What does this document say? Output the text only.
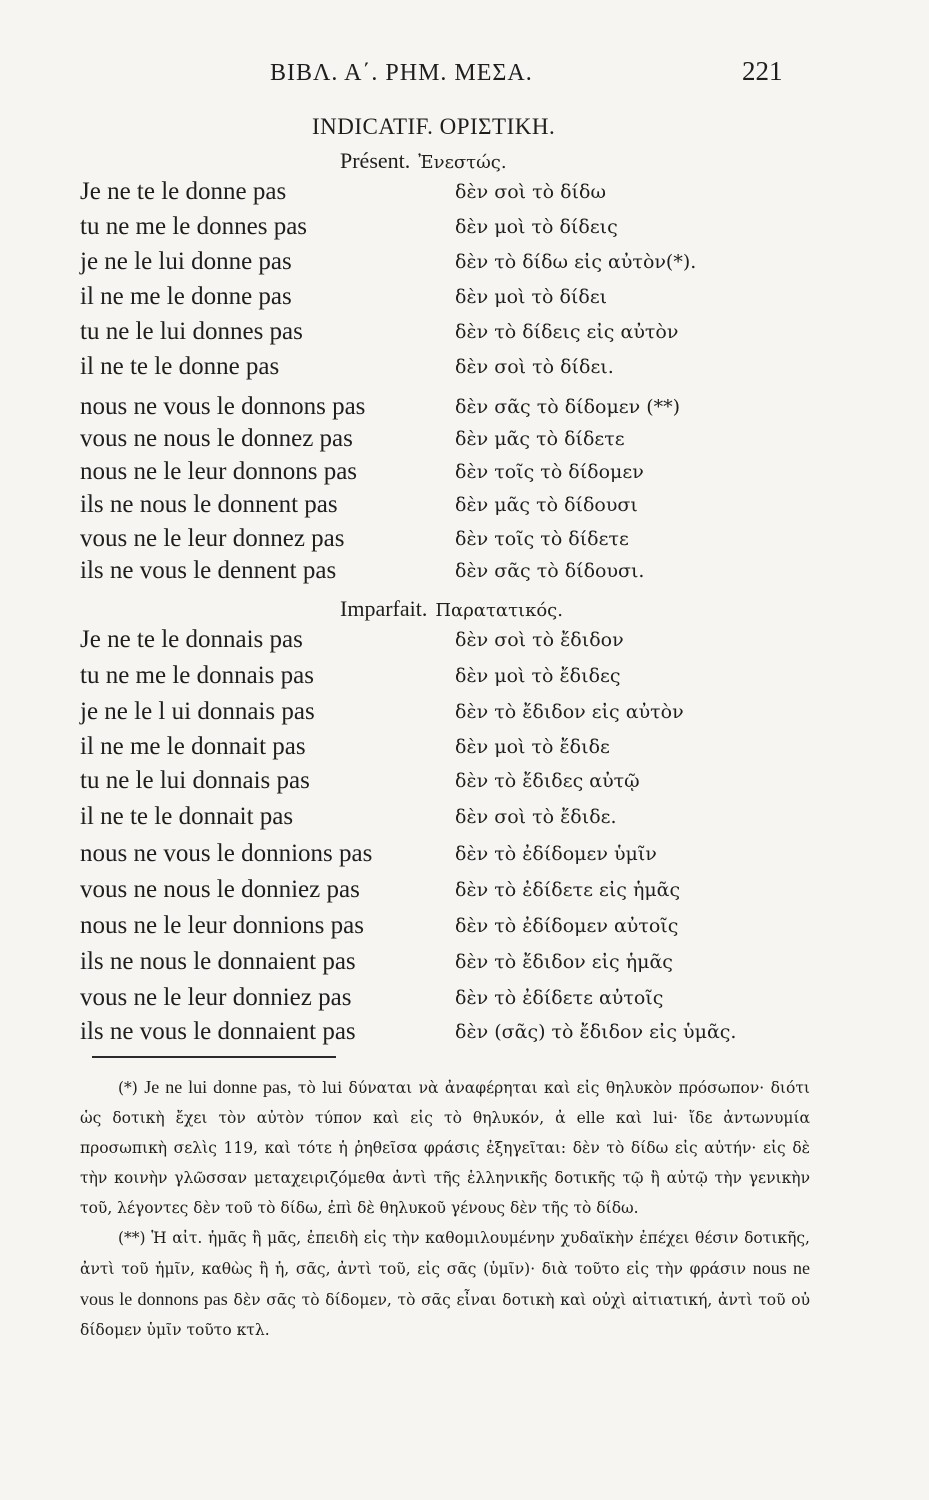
ΒΙΒΛ. Α΄. ΡΗΜ. ΜΕΣΑ.	221
INDICATIF. ΟΡΙΣΤΙΚΗ.
Présent. Ἐνεστώς.
Je ne te le donne pas	δὲν σοὶ τὸ δίδω
tu ne me le donnes pas	δὲν μοὶ τὸ δίδεις
je ne le lui donne pas	δὲν τὸ δίδω εἰς αὐτὸν(*).
il ne me le donne pas	δὲν μοὶ τὸ δίδει
tu ne le lui donnes pas	δὲν τὸ δίδεις εἰς αὐτὸν
il ne te le donne pas	δὲν σοὶ τὸ δίδει.
nous ne vous le donnons pas	δὲν σᾶς τὸ δίδομεν (**)
vous ne nous le donnez pas	δὲν μᾶς τὸ δίδετε
nous ne le leur donnons pas	δὲν τοῖς τὸ δίδομεν
ils ne nous le donnent pas	δὲν μᾶς τὸ δίδουσι
vous ne le leur donnez pas	δὲν τοῖς τὸ δίδετε
ils ne vous le dennent pas	δὲν σᾶς τὸ δίδουσι.
Imparfait. Παρατατικός.
Je ne te le donnais pas	δὲν σοὶ τὸ ἔδιδον
tu ne me le donnais pas	δὲν μοὶ τὸ ἔδιδες
je ne le l ui donnais pas	δὲν τὸ ἔδιδον εἰς αὐτὸν
il ne me le donnait pas	δὲν μοὶ τὸ ἔδιδε
tu ne le lui donnais pas	δὲν τὸ ἔδιδες αὐτῷ
il ne te le donnait pas	δὲν σοὶ τὸ ἔδιδε.
nous ne vous le donnions pas	δὲν τὸ ἐδίδομεν ὑμῖν
vous ne nous le donniez pas	δὲν τὸ ἐδίδετε εἰς ἡμᾶς
nous ne le leur donnions pas	δὲν τὸ ἐδίδομεν αὐτοῖς
ils ne nous le donnaient pas	δὲν τὸ ἔδιδον εἰς ἡμᾶς
vous ne le leur donniez pas	δὲν τὸ ἐδίδετε αὐτοῖς
ils ne vous le donnaient pas	δὲν (σᾶς) τὸ ἔδιδον εἰς ὑμᾶς.

(*) Je ne lui donne pas, τὸ lui δύναται νὰ ἀναφέρηται καὶ εἰς θηλυκὸν πρόσωπον· διότι ὡς δοτικὴ ἔχει τὸν αὐτὸν τύπον καὶ εἰς τὸ θηλυκόν, ἀ elle καὶ lui· ἴδε ἀντωνυμία προσωπικὴ σελὶς 119, καὶ τότε ἡ ῥηθεῖσα φράσις ἐξηγεῖται: δὲν τὸ δίδω εἰς αὐτήν· εἰς δὲ τὴν κοινὴν γλῶσσαν μεταχειριζόμεθα ἀντὶ τῆς ἑλληνικῆς δοτικῆς τῷ ἢ αὐτῷ τὴν γενικὴν τοῦ, λέγοντες δὲν τοῦ τὸ δίδω, ἐπὶ δὲ θηλυκοῦ γένους δὲν τῆς τὸ δίδω.

(**) Ἡ αἰτ. ἡμᾶς ἢ μᾶς, ἐπειδὴ εἰς τὴν καθομιλουμένην χυδαϊκὴν ἐπέχει θέσιν δοτικῆς, ἀντὶ τοῦ ἡμῖν, καθὼς ἢ ἡ, σᾶς, ἀντὶ τοῦ, εἰς σᾶς (ὑμῖν)· διὰ τοῦτο εἰς τὴν φράσιν nous ne vous le donnons pas δὲν σᾶς τὸ δίδομεν, τὸ σᾶς εἶναι δοτικὴ καὶ οὐχὶ αἰτιατική, ἀντὶ τοῦ οὐ δίδομεν ὑμῖν τοῦτο κτλ.
